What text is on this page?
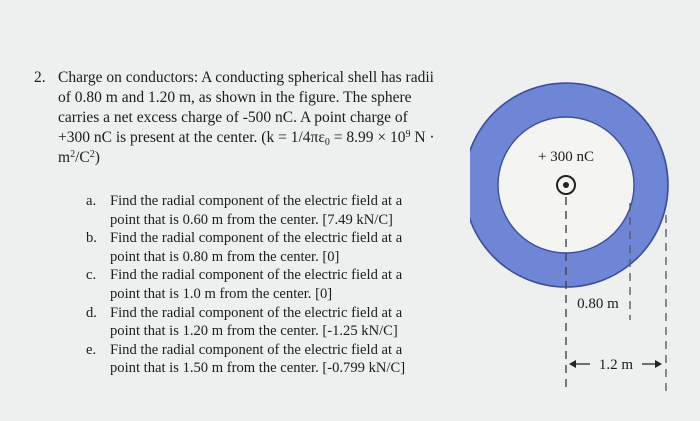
2. Charge on conductors: A conducting spherical shell has radii
of 0.80 m and 1.20 m, as shown in the figure. The sphere
carries a net excess charge of -500 nC. A point charge of
+300 nC is present at the center. ($k = 1/4\pi\varepsilon_0 = 8.99 \times 10^9$ N ·
$m^2/C^2$)
a. Find the radial component of the electric field at a
point that is 0.60 m from the center. [7.49 kN/C]
b. Find the radial component of the electric field at a
point that is 0.80 m from the center. [0]
c. Find the radial component of the electric field at a
point that is 1.0 m from the center. [0]
d. Find the radial component of the electric field at a
point that is 1.20 m from the center. [-1.25 kN/C]
e. Find the radial component of the electric field at a
point that is 1.50 m from the center. [-0.799 kN/C]
+ 300 nC
0.80 m
1.2 m
